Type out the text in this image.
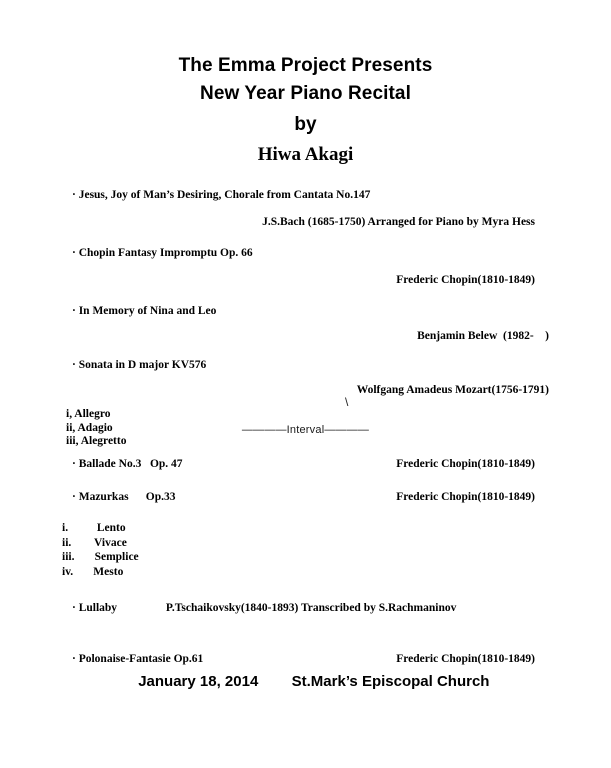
The Emma Project Presents
New Year Piano Recital
by
Hiwa Akagi
· Jesus, Joy of Man’s Desiring, Chorale from Cantata No.147
J.S.Bach (1685-1750) Arranged for Piano by Myra Hess
· Chopin Fantasy Impromptu Op. 66
Frederic Chopin(1810-1849)
· In Memory of Nina and Leo
Benjamin Belew  (1982-    )
· Sonata in D major KV576
Wolfgang Amadeus Mozart(1756-1791)
i, Allegro
ii, Adagio
iii, Alegretto
\
————Interval————
· Ballade No.3   Op. 47	Frederic Chopin(1810-1849)
· Mazurkas      Op.33	Frederic Chopin(1810-1849)
i.          Lento
ii.        Vivace
iii.       Semplice
iv.       Mesto
· Lullaby                 P.Tschaikovsky(1840-1893) Transcribed by S.Rachmaninov
· Polonaise-Fantasie Op.61	Frederic Chopin(1810-1849)

January 18, 2014 St.Mark’s Episcopal Church
